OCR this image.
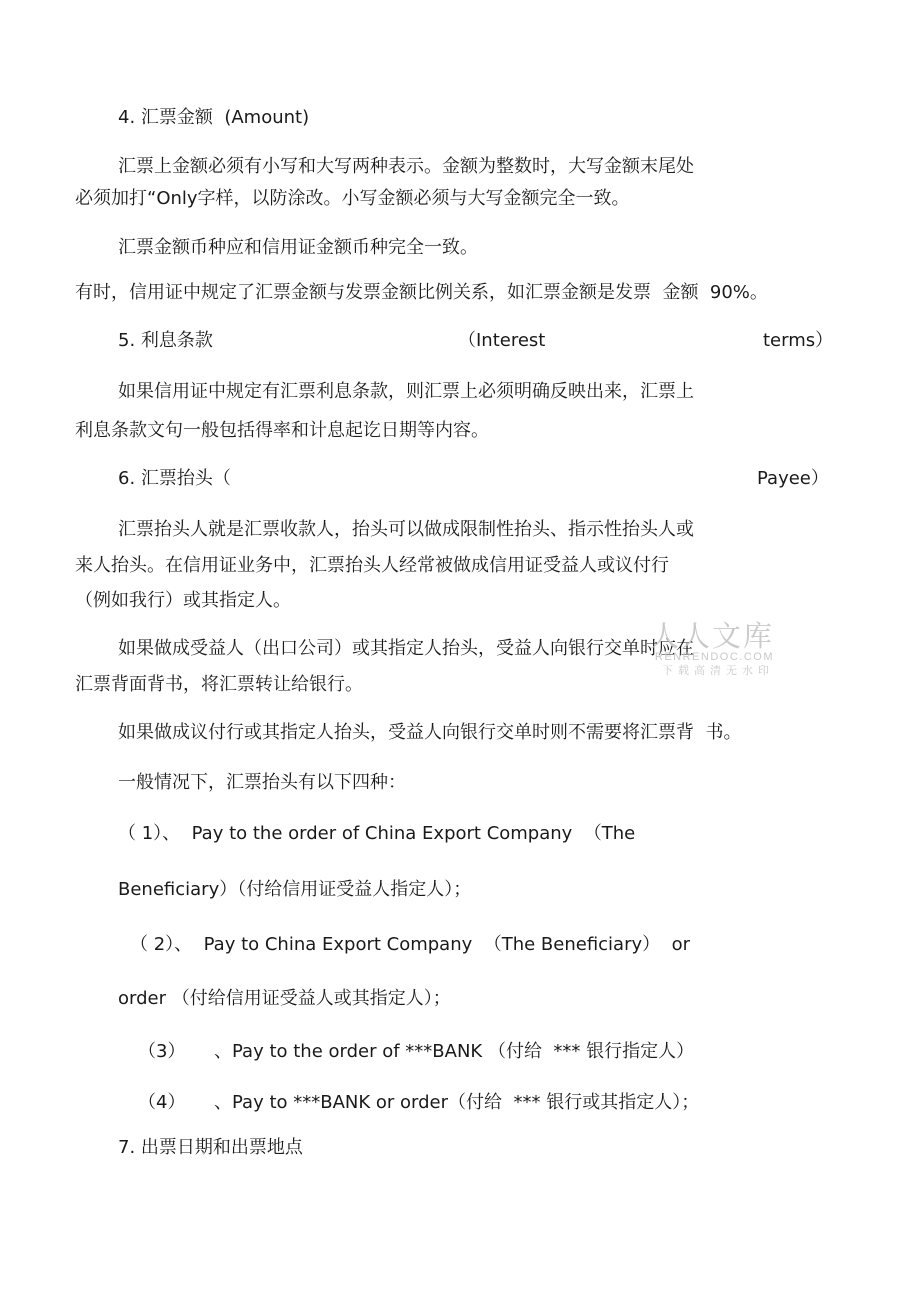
4. 汇票金额  (Amount)
汇票上金额必须有小写和大写两种表示。金额为整数时，大写金额末尾处
必须加打“Only字样，以防涂改。小写金额必须与大写金额完全一致。
汇票金额币种应和信用证金额币种完全一致。
有时，信用证中规定了汇票金额与发票金额比例关系，如汇票金额是发票  金额  90%。
5. 利息条款	（Interest	terms）
如果信用证中规定有汇票利息条款，则汇票上必须明确反映出来，汇票上
利息条款文句一般包括得率和计息起讫日期等内容。
6. 汇票抬头（	Payee）
汇票抬头人就是汇票收款人，抬头可以做成限制性抬头、指示性抬头人或
来人抬头。在信用证业务中，汇票抬头人经常被做成信用证受益人或议付行
（例如我行）或其指定人。
如果做成受益人（出口公司）或其指定人抬头，受益人向银行交单时应在
汇票背面背书，将汇票转让给银行。
如果做成议付行或其指定人抬头，受益人向银行交单时则不需要将汇票背  书。
一般情况下，汇票抬头有以下四种：
（ 1）、  Pay to the order of China Export Company  （The
Beneficiary）（付给信用证受益人指定人）；
（ 2）、  Pay to China Export Company  （The Beneficiary）  or
order （付给信用证受益人或其指定人）；
（3） 、Pay to the order of ***BANK （付给  *** 银行指定人）
（4） 、Pay to ***BANK or order（付给  *** 银行或其指定人）；
7. 出票日期和出票地点
人人文库
RENRENDOC.COM
下载高清无水印
